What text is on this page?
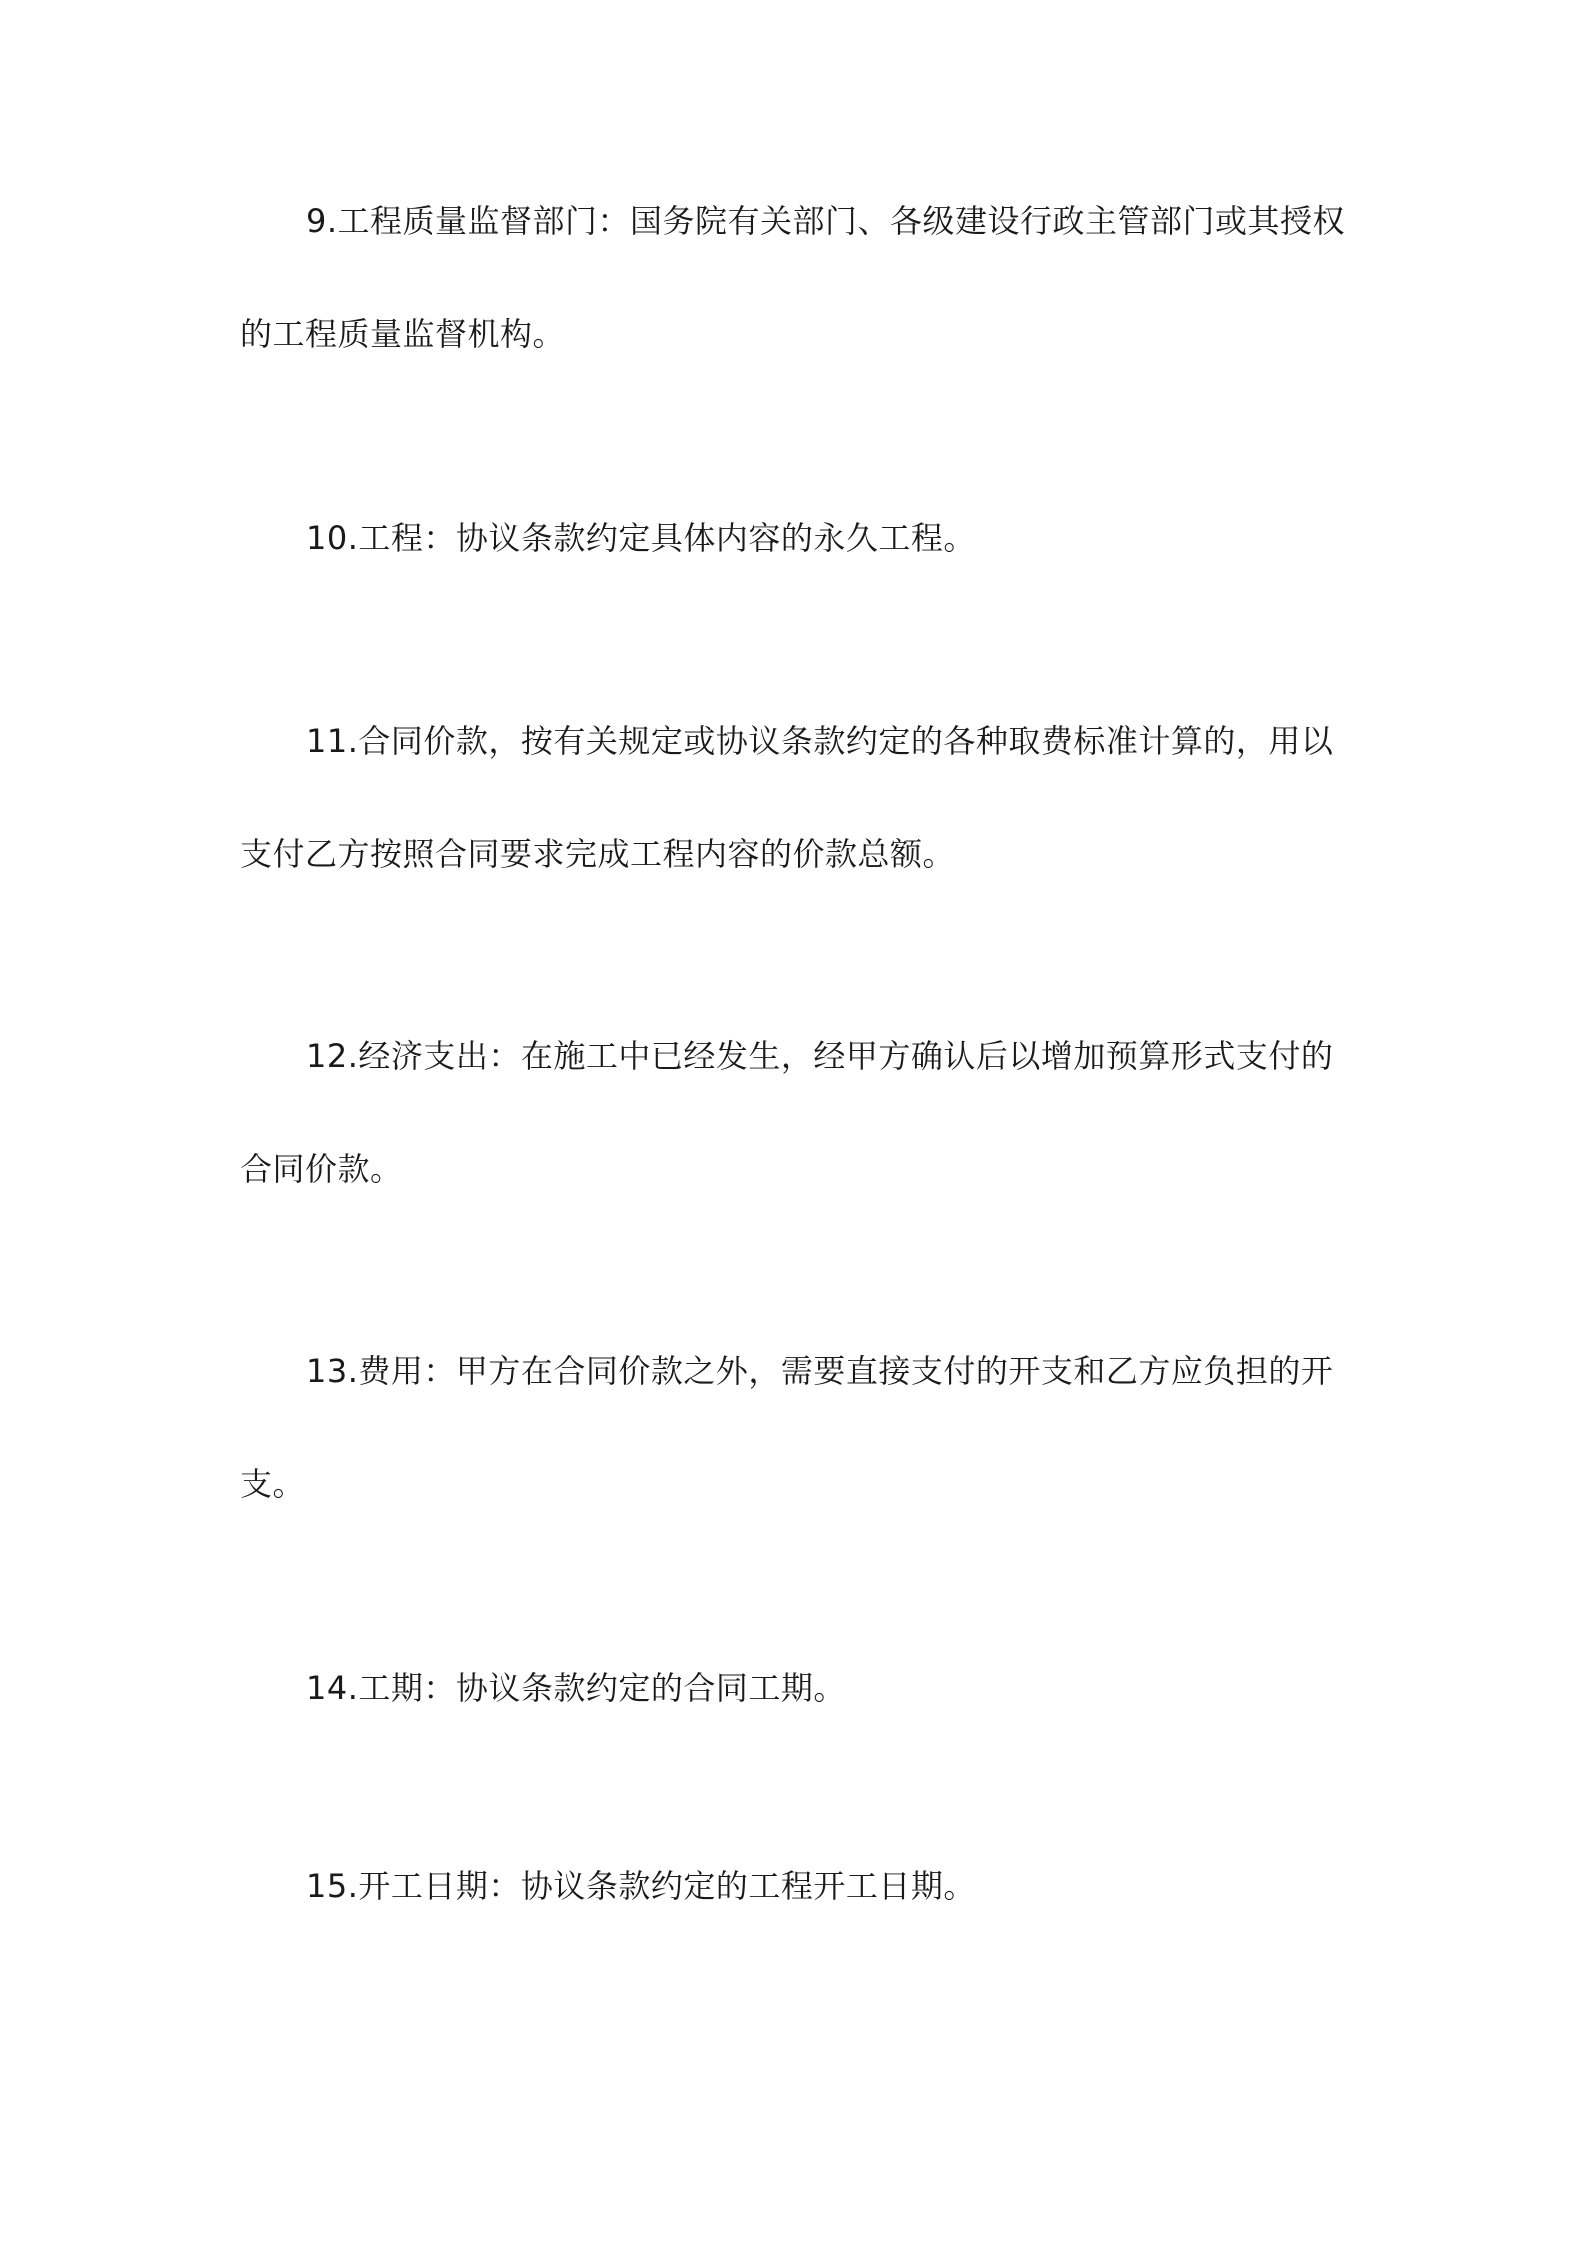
9.工程质量监督部门：国务院有关部门、各级建设行政主管部门或其授权的工程质量监督机构。

10.工程：协议条款约定具体内容的永久工程。

11.合同价款，按有关规定或协议条款约定的各种取费标准计算的，用以支付乙方按照合同要求完成工程内容的价款总额。

12.经济支出：在施工中已经发生，经甲方确认后以增加预算形式支付的合同价款。

13.费用：甲方在合同价款之外，需要直接支付的开支和乙方应负担的开支。

14.工期：协议条款约定的合同工期。

15.开工日期：协议条款约定的工程开工日期。
